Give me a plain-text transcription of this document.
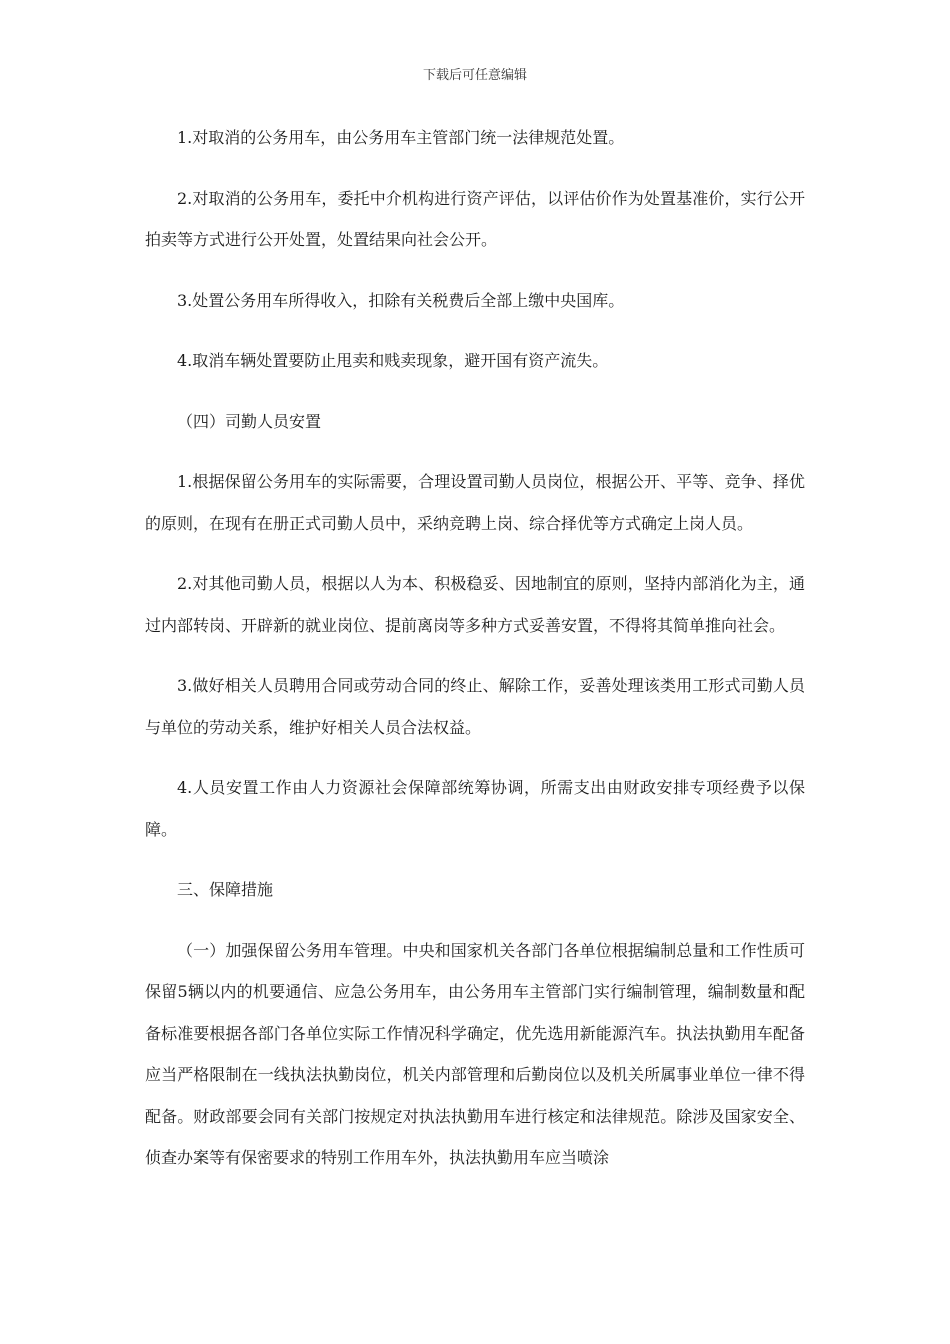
下载后可任意编辑

1.对取消的公务用车，由公务用车主管部门统一法律规范处置。

2.对取消的公务用车，委托中介机构进行资产评估，以评估价作为处置基准价，实行公开拍卖等方式进行公开处置，处置结果向社会公开。

3.处置公务用车所得收入，扣除有关税费后全部上缴中央国库。

4.取消车辆处置要防止甩卖和贱卖现象，避开国有资产流失。

（四）司勤人员安置

1.根据保留公务用车的实际需要，合理设置司勤人员岗位，根据公开、平等、竞争、择优的原则，在现有在册正式司勤人员中，采纳竞聘上岗、综合择优等方式确定上岗人员。

2.对其他司勤人员，根据以人为本、积极稳妥、因地制宜的原则，坚持内部消化为主，通过内部转岗、开辟新的就业岗位、提前离岗等多种方式妥善安置，不得将其简单推向社会。

3.做好相关人员聘用合同或劳动合同的终止、解除工作，妥善处理该类用工形式司勤人员与单位的劳动关系，维护好相关人员合法权益。

4.人员安置工作由人力资源社会保障部统筹协调，所需支出由财政安排专项经费予以保障。

三、保障措施

（一）加强保留公务用车管理。中央和国家机关各部门各单位根据编制总量和工作性质可保留5辆以内的机要通信、应急公务用车，由公务用车主管部门实行编制管理，编制数量和配备标准要根据各部门各单位实际工作情况科学确定，优先选用新能源汽车。执法执勤用车配备应当严格限制在一线执法执勤岗位，机关内部管理和后勤岗位以及机关所属事业单位一律不得配备。财政部要会同有关部门按规定对执法执勤用车进行核定和法律规范。除涉及国家安全、侦查办案等有保密要求的特别工作用车外，执法执勤用车应当喷涂
